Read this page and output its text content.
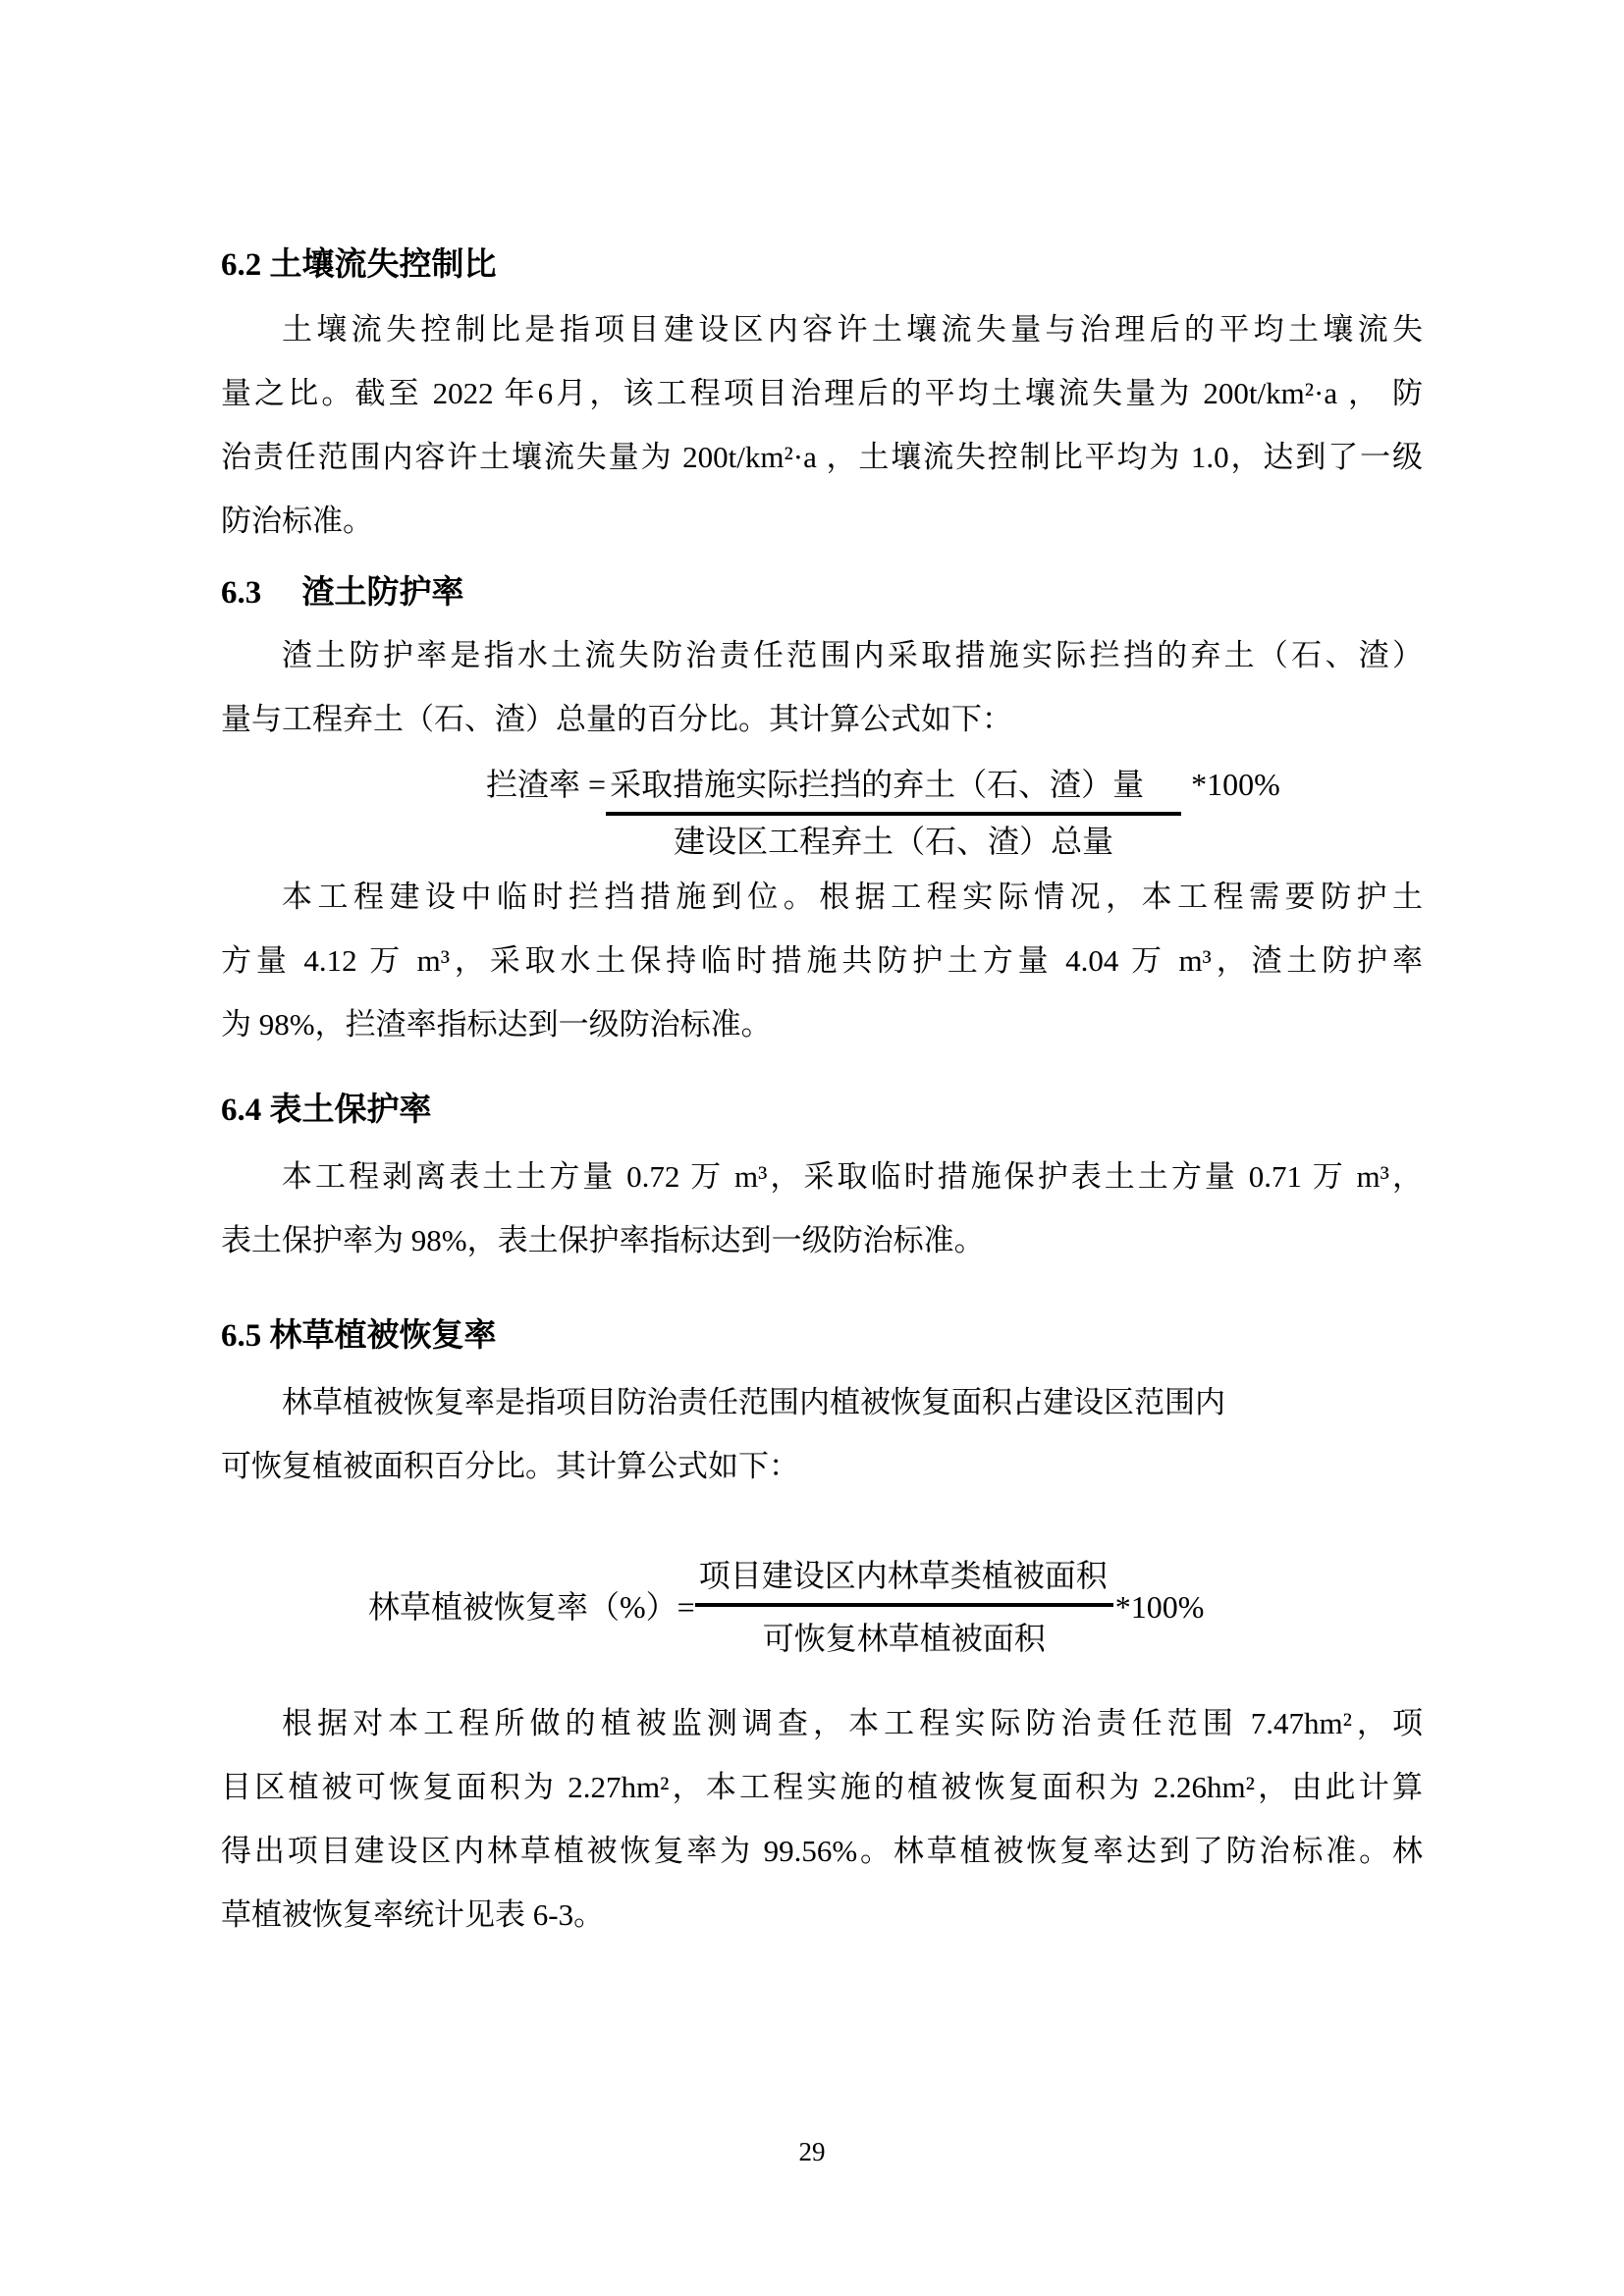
6.2 土壤流失控制比
土壤流失控制比是指项目建设区内容许土壤流失量与治理后的平均土壤流失
量之比。截至 2022 年6月，该工程项目治理后的平均土壤流失量为 200t/km²·a ， 防
治责任范围内容许土壤流失量为 200t/km²·a ，土壤流失控制比平均为 1.0，达到了一级
防治标准。
6.3　 渣土防护率
渣土防护率是指水土流失防治责任范围内采取措施实际拦挡的弃土（石、渣）
量与工程弃土（石、渣）总量的百分比。其计算公式如下：
拦渣率 = $\frac{\text{采取措施实际拦挡的弃土（石、渣）量}}{\text{建设区工程弃土（石、渣）总量}} *100\%$
本工程建设中临时拦挡措施到位。根据工程实际情况，本工程需要防护土
方量 4.12 万 m³，采取水土保持临时措施共防护土方量 4.04 万 m³，渣土防护率
为 98%，拦渣率指标达到一级防治标准。
6.4 表土保护率
本工程剥离表土土方量 0.72 万 m³，采取临时措施保护表土土方量 0.71 万 m³，
表土保护率为 98%，表土保护率指标达到一级防治标准。
6.5 林草植被恢复率
林草植被恢复率是指项目防治责任范围内植被恢复面积占建设区范围内
可恢复植被面积百分比。其计算公式如下：
林草植被恢复率（%）= $\frac{\text{项目建设区内林草类植被面积}}{\text{可恢复林草植被面积}} *100\%$
根据对本工程所做的植被监测调查，本工程实际防治责任范围 7.47hm²，项
目区植被可恢复面积为 2.27hm²，本工程实施的植被恢复面积为 2.26hm²，由此计算
得出项目建设区内林草植被恢复率为 99.56%。林草植被恢复率达到了防治标准。林
草植被恢复率统计见表 6-3。
29
